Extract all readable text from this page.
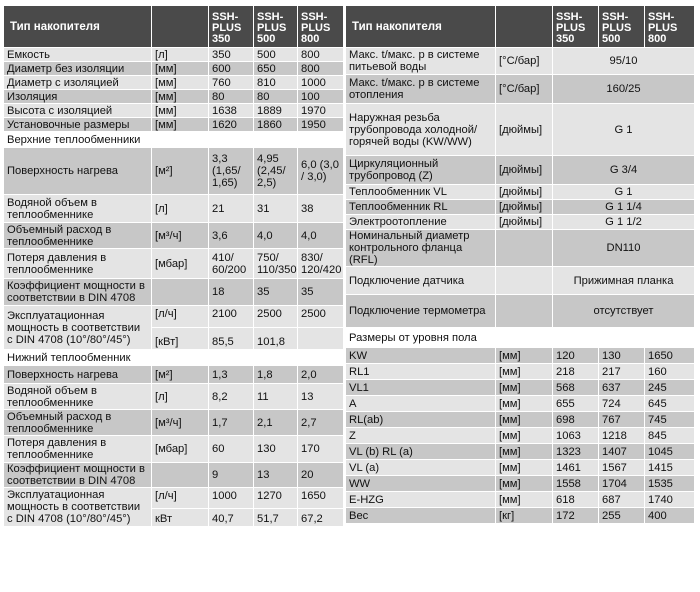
Тип накопителя		SSH-PLUS 350	SSH-PLUS 500	SSH-PLUS 800
Емкость	[л]	350	500	800
Диаметр без изоляции	[мм]	600	650	800
Диаметр с изоляцией	[мм]	760	810	1000
Изоляция	[мм]	80	80	100
Высота с изоляцией	[мм]	1638	1889	1970
Установочные размеры	[мм]	1620	1860	1950
Верхние теплообменники				
Поверхность нагрева	[м²]	3,3 (1,65/ 1,65)	4,95 (2,45/ 2,5)	6,0 (3,0 / 3,0)
Водяной объем в теплообменнике	[л]	21	31	38
Объемный расход в теплообменнике	[м³/ч]	3,6	4,0	4,0
Потеря давления в теплообменнике	[мбар]	410/ 60/200	750/ 110/350	830/ 120/420
Коэффициент мощности в соответствии в DIN 4708		18	35	35
Эксплуатационная мощность в соответствии с DIN 4708 (10°/80°/45°)	[л/ч]	2100	2500	2500
	[кВт]	85,5	101,8	
Нижний теплообменник				
Поверхность нагрева	[м²]	1,3	1,8	2,0
Водяной объем в теплообменнике	[л]	8,2	11	13
Объемный расход в теплообменнике	[м³/ч]	1,7	2,1	2,7
Потеря давления в теплообменнике	[мбар]	60	130	170
Коэффициент мощности в соответствии в DIN 4708		9	13	20
Эксплуатационная мощность в соответствии с DIN 4708 (10°/80°/45°)	[л/ч]	1000	1270	1650
	кВт	40,7	51,7	67,2
Тип накопителя		SSH-PLUS 350	SSH-PLUS 500	SSH-PLUS 800
Макс. t/макс. p в системе питьевой воды	[°С/бар]	95/10		
Макс. t/макс. p в системе отопления	[°С/бар]	160/25		
Наружная резьба трубопровода холодной/горячей воды (KW/WW)	[дюймы]	G 1		
Циркуляционный трубопровод (Z)	[дюймы]	G 3/4		
Теплообменник VL	[дюймы]	G 1		
Теплообменник RL	[дюймы]	G 1 1/4		
Электроотопление	[дюймы]	G 1 1/2		
Номинальный диаметр контрольного фланца (RFL)		DN110		
Подключение датчика		Прижимная планка		
Подключение термометра		отсутствует		
Размеры от уровня пола				
KW	[мм]	120	130	1650
RL1	[мм]	218	217	160
VL1	[мм]	568	637	245
A	[мм]	655	724	645
RL(ab)	[мм]	698	767	745
Z	[мм]	1063	1218	845
VL (b) RL (a)	[мм]	1323	1407	1045
VL (a)	[мм]	1461	1567	1415
WW	[мм]	1558	1704	1535
E-HZG	[мм]	618	687	1740
Вес	[кг]	172	255	400
